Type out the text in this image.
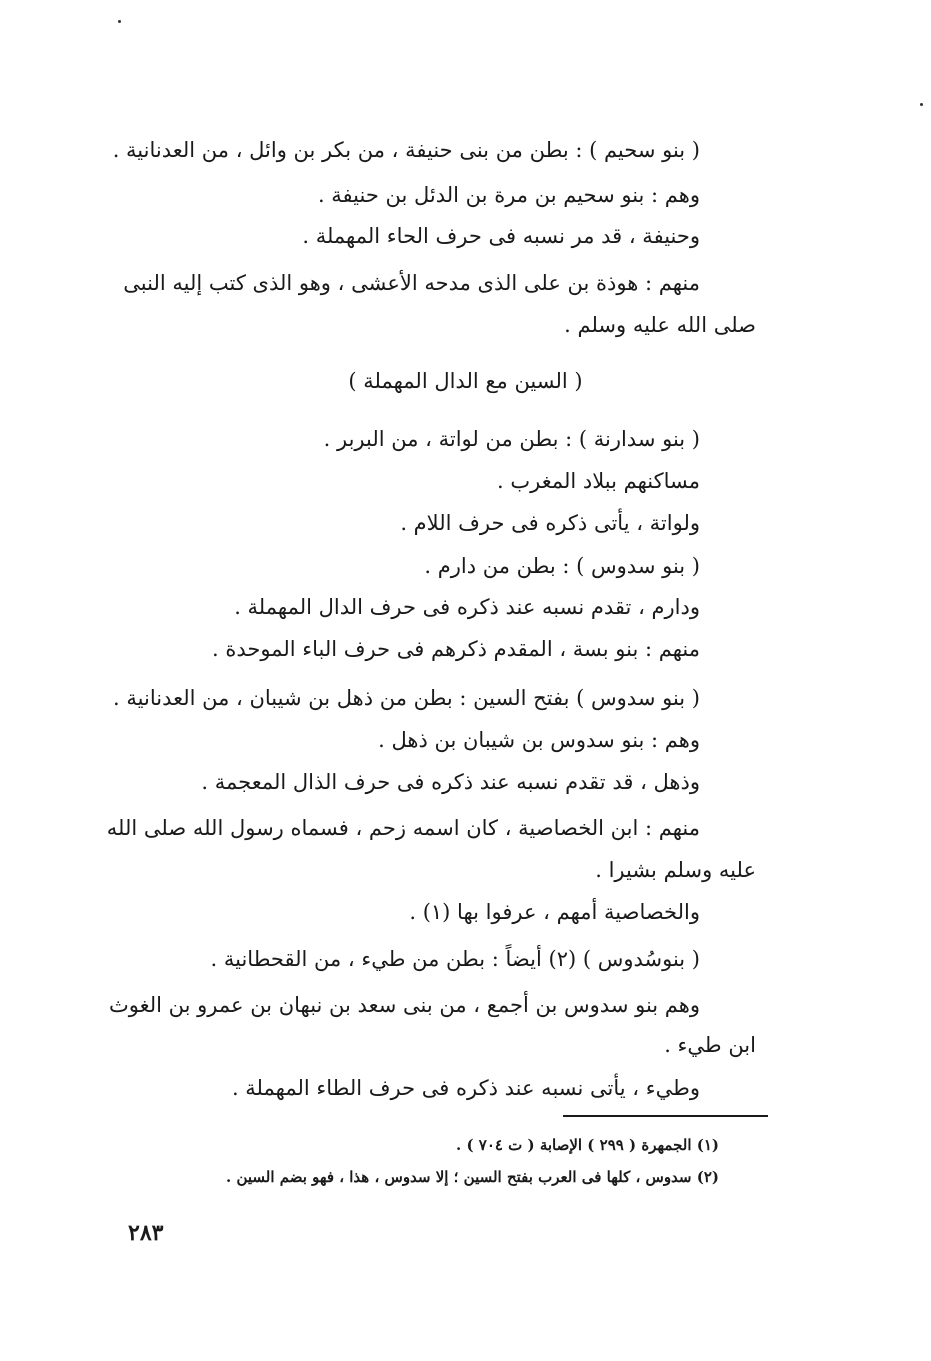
( بنو سحيم ) : بطن من بنى حنيفة ، من بكر بن وائل ، من العدنانية .
وهم : بنو سحيم بن مرة بن الدئل بن حنيفة .
وحنيفة ، قد مر نسبه فى حرف الحاء المهملة .
منهم : هوذة بن على الذى مدحه الأعشى ، وهو الذى كتب إليه النبى
صلى الله عليه وسلم .
( السين مع الدال المهملة )
( بنو سدارنة ) : بطن من لواتة ، من البربر .
مساكنهم ببلاد المغرب .
ولواتة ، يأتى ذكره فى حرف اللام .
( بنو سدوس ) : بطن من دارم .
ودارم ، تقدم نسبه عند ذكره فى حرف الدال المهملة .
منهم : بنو بسة ، المقدم ذكرهم فى حرف الباء الموحدة .
( بنو سدوس ) بفتح السين : بطن من ذهل بن شيبان ، من العدنانية .
وهم : بنو سدوس بن شيبان بن ذهل .
وذهل ، قد تقدم نسبه عند ذكره فى حرف الذال المعجمة .
منهم : ابن الخصاصية ، كان اسمه زحم ، فسماه رسول الله صلى الله
عليه وسلم بشيرا .
والخصاصية أمهم ، عرفوا بها (١) .
( بنوسُدوس ) (٢) أيضاً : بطن من طيء ، من القحطانية .
وهم بنو سدوس بن أجمع ، من بنى سعد بن نبهان بن عمرو بن الغوث
ابن طيء .
وطيء ، يأتى نسبه عند ذكره فى حرف الطاء المهملة .
(١) الجمهرة ( ٢٩٩ ) الإصابة ( ت ٧٠٤ ) .
(٢) سدوس ، كلها فى العرب بفتح السين ؛ إلا سدوس ، هذا ، فهو بضم السين .
٢٨٣
